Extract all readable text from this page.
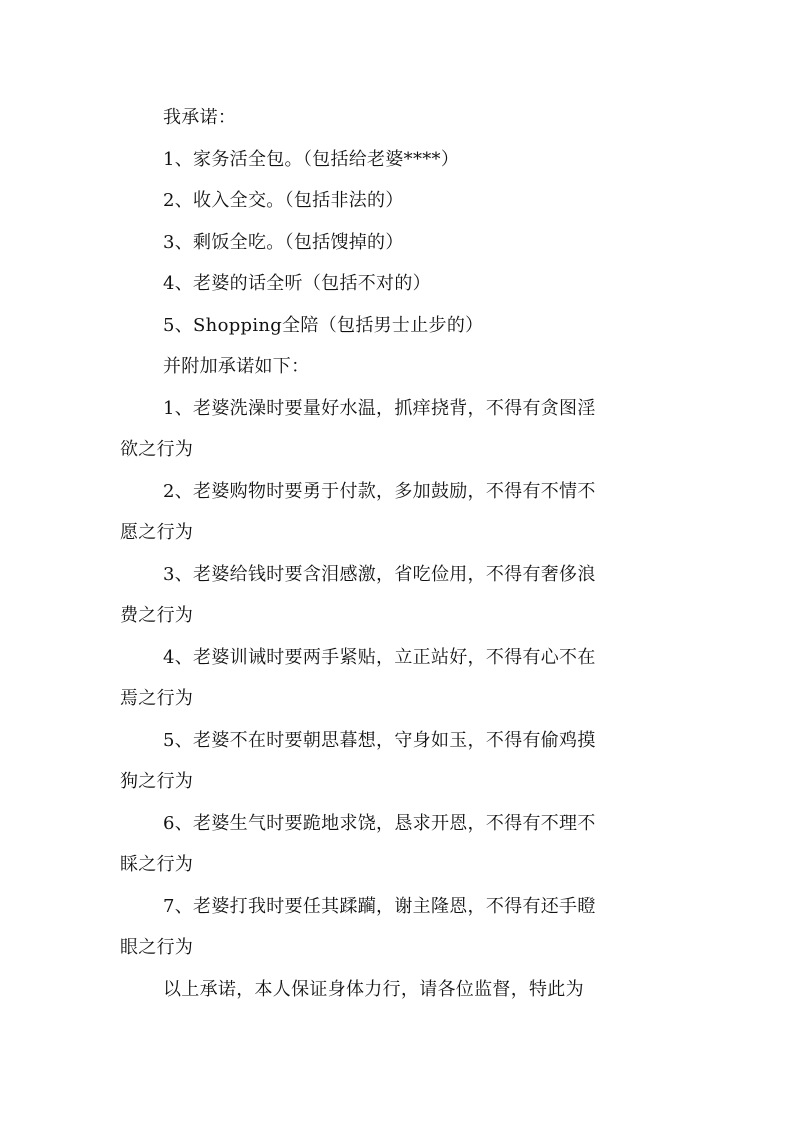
我承诺：
1、家务活全包。（包括给老婆****）
2、收入全交。（包括非法的）
3、剩饭全吃。（包括馊掉的）
4、老婆的话全听（包括不对的）
5、Shopping全陪（包括男士止步的）
并附加承诺如下：
1、老婆洗澡时要量好水温，抓痒挠背，不得有贪图淫
欲之行为
2、老婆购物时要勇于付款，多加鼓励，不得有不情不
愿之行为
3、老婆给钱时要含泪感激，省吃俭用，不得有奢侈浪
费之行为
4、老婆训诫时要两手紧贴，立正站好，不得有心不在
焉之行为
5、老婆不在时要朝思暮想，守身如玉，不得有偷鸡摸
狗之行为
6、老婆生气时要跪地求饶，恳求开恩，不得有不理不
睬之行为
7、老婆打我时要任其蹂躏，谢主隆恩，不得有还手瞪
眼之行为
以上承诺，本人保证身体力行，请各位监督，特此为
